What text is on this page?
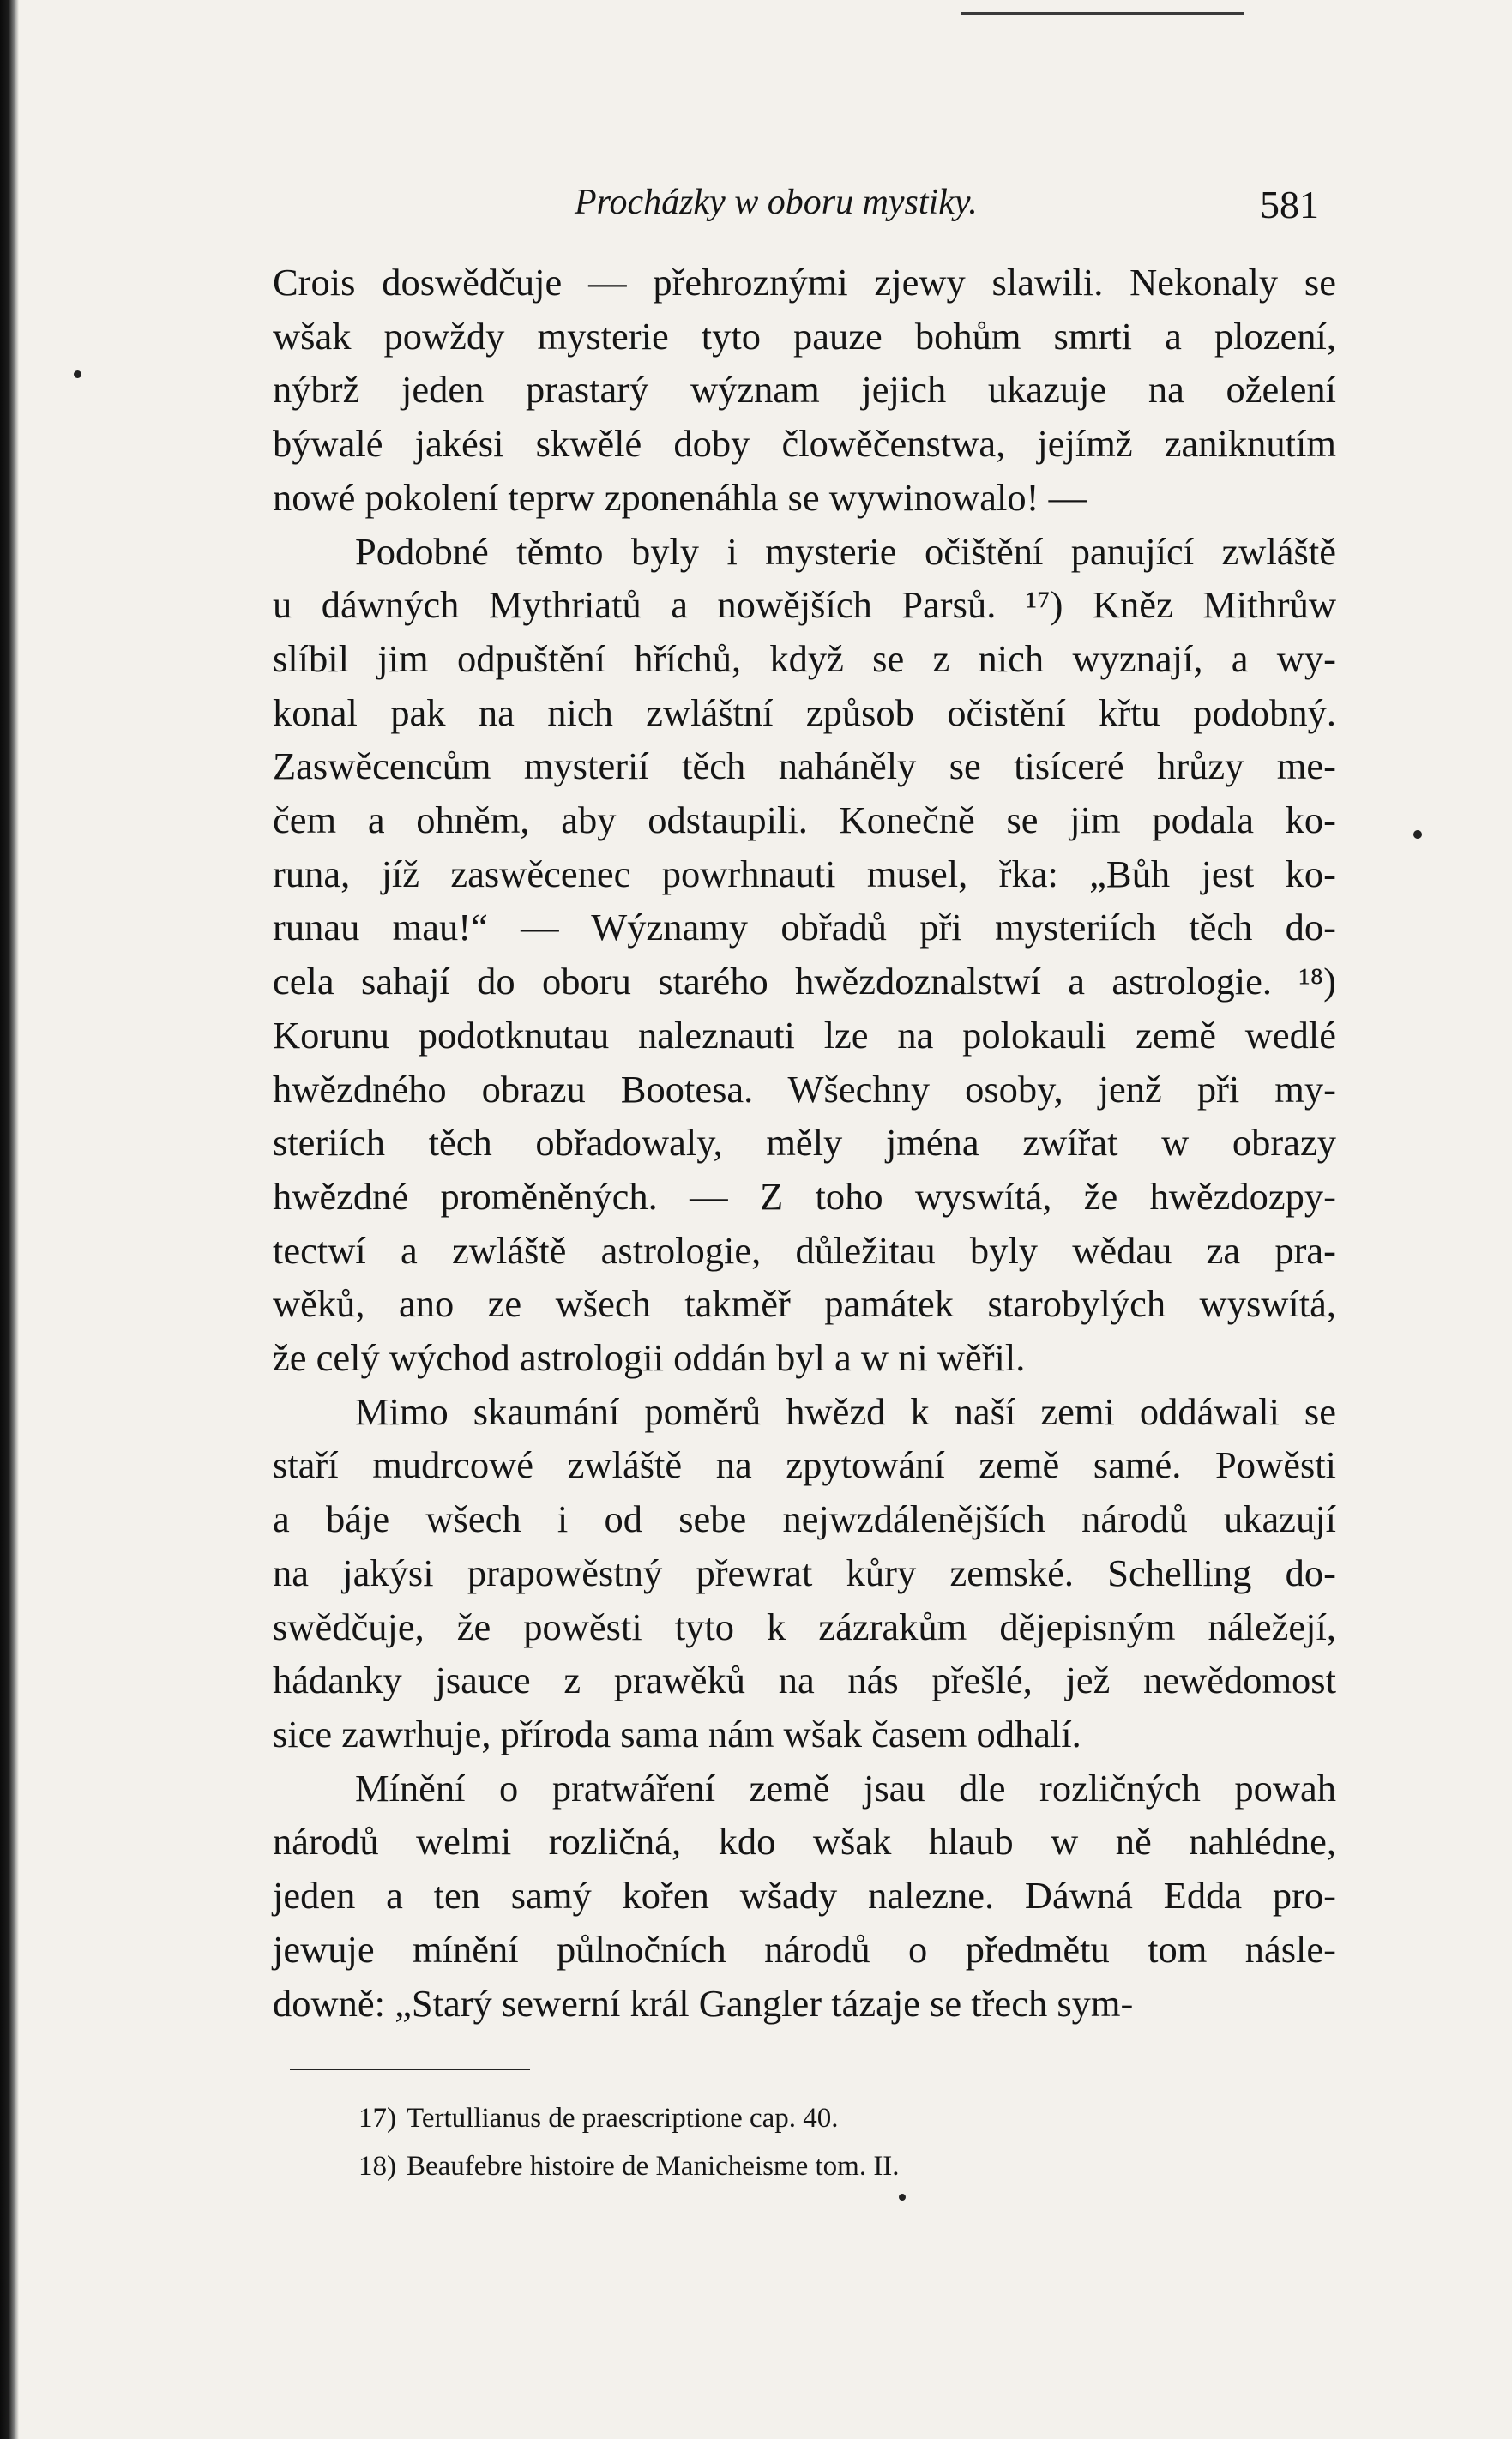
Procházky w oboru mystiky.	581
Crois doswědčuje — přehroznými zjewy slawili. Nekonaly se
wšak powždy mysterie tyto pauze bohům smrti a plození,
nýbrž jeden prastarý wýznam jejich ukazuje na oželení
býwalé jakési skwělé doby člowěčenstwa, jejímž zaniknutím
nowé pokolení teprw zponenáhla se wywinowalo! —
Podobné těmto byly i mysterie očištění panující zwláště
u dáwných Mythriatů a nowějších Parsů. ¹⁷) Kněz Mithrůw
slíbil jim odpuštění hříchů, když se z nich wyznají, a wy-
konal pak na nich zwláštní způsob očistění křtu podobný.
Zaswěcencům mysterií těch naháněly se tisíceré hrůzy me-
čem a ohněm, aby odstaupili. Konečně se jim podala ko-
runa, jíž zaswěcenec powrhnauti musel, řka: „Bůh jest ko-
runau mau!“ — Wýznamy obřadů při mysteriích těch do-
cela sahají do oboru starého hwězdoznalstwí a astrologie. ¹⁸)
Korunu podotknutau naleznauti lze na polokauli země wedlé
hwězdného obrazu Bootesa. Wšechny osoby, jenž při my-
steriích těch obřadowaly, měly jména zwířat w obrazy
hwězdné proměněných. — Z toho wyswítá, že hwězdozpy-
tectwí a zwláště astrologie, důležitau byly wědau za pra-
wěků, ano ze wšech takměř památek starobylých wyswítá,
že celý wýchod astrologii oddán byl a w ni wěřil.
Mimo skaumání poměrů hwězd k naší zemi oddáwali se
staří mudrcowé zwláště na zpytowání země samé. Powěsti
a báje wšech i od sebe nejwzdálenějších národů ukazují
na jakýsi prapowěstný přewrat kůry zemské. Schelling do-
swědčuje, že powěsti tyto k zázrakům dějepisným náležejí,
hádanky jsauce z prawěků na nás přešlé, jež newědomost
sice zawrhuje, příroda sama nám wšak časem odhalí.
Mínění o pratwáření země jsau dle rozličných powah
národů welmi rozličná, kdo wšak hlaub w ně nahlédne,
jeden a ten samý kořen wšady nalezne. Dáwná Edda pro-
jewuje mínění půlnočních národů o předmětu tom násle-
downě: „Starý sewerní král Gangler tázaje se třech sym-
17) Tertullianus de praescriptione cap. 40.
18) Beaufebre histoire de Manicheisme tom. II.
